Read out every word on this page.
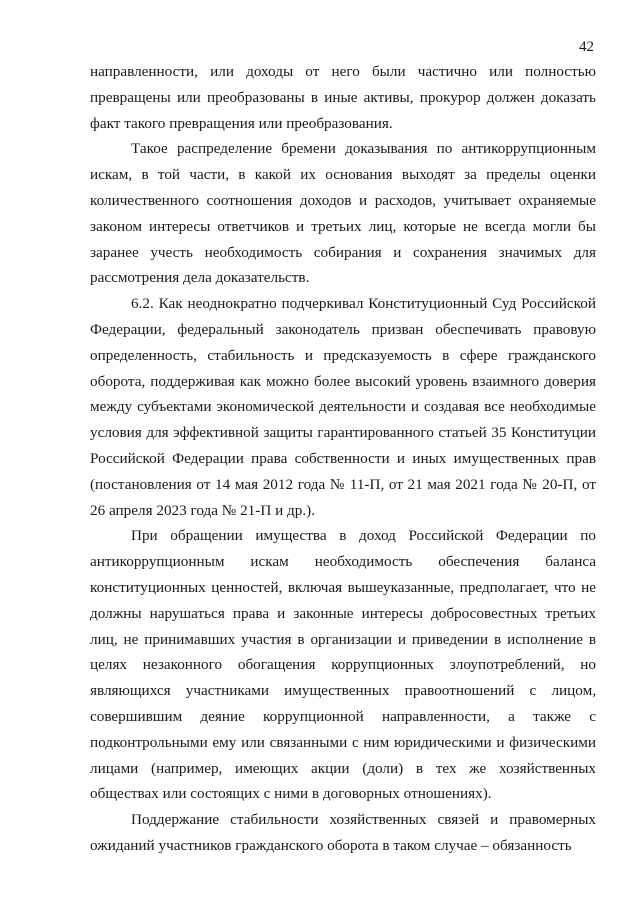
42

направленности, или доходы от него были частично или полностью превращены или преобразованы в иные активы, прокурор должен доказать факт такого превращения или преобразования.

Такое распределение бремени доказывания по антикоррупционным искам, в той части, в какой их основания выходят за пределы оценки количественного соотношения доходов и расходов, учитывает охраняемые законом интересы ответчиков и третьих лиц, которые не всегда могли бы заранее учесть необходимость собирания и сохранения значимых для рассмотрения дела доказательств.

6.2. Как неоднократно подчеркивал Конституционный Суд Российской Федерации, федеральный законодатель призван обеспечивать правовую определенность, стабильность и предсказуемость в сфере гражданского оборота, поддерживая как можно более высокий уровень взаимного доверия между субъектами экономической деятельности и создавая все необходимые условия для эффективной защиты гарантированного статьей 35 Конституции Российской Федерации права собственности и иных имущественных прав (постановления от 14 мая 2012 года № 11-П, от 21 мая 2021 года № 20-П, от 26 апреля 2023 года № 21-П и др.).

При обращении имущества в доход Российской Федерации по антикоррупционным искам необходимость обеспечения баланса конституционных ценностей, включая вышеуказанные, предполагает, что не должны нарушаться права и законные интересы добросовестных третьих лиц, не принимавших участия в организации и приведении в исполнение в целях незаконного обогащения коррупционных злоупотреблений, но являющихся участниками имущественных правоотношений с лицом, совершившим деяние коррупционной направленности, а также с подконтрольными ему или связанными с ним юридическими и физическими лицами (например, имеющих акции (доли) в тех же хозяйственных обществах или состоящих с ними в договорных отношениях).

Поддержание стабильности хозяйственных связей и правомерных ожиданий участников гражданского оборота в таком случае – обязанность
